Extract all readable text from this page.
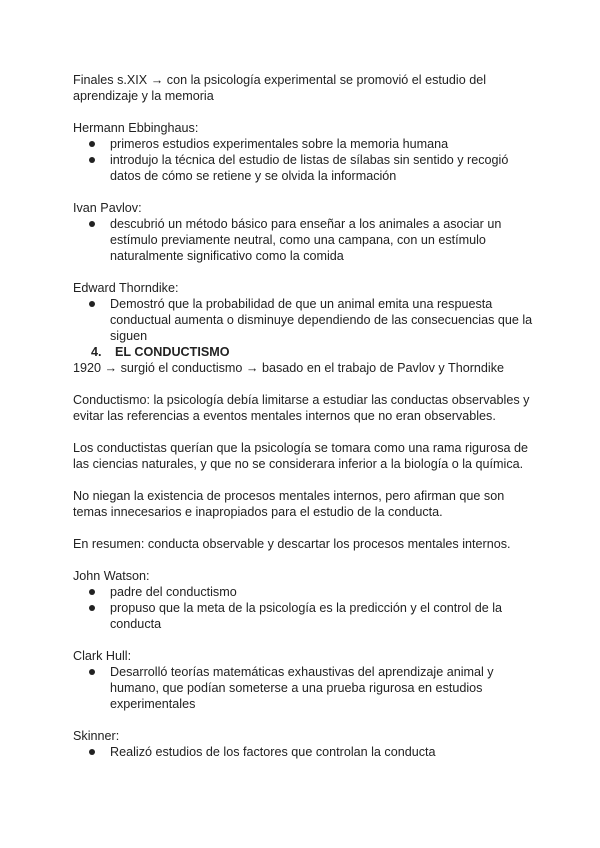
Finales s.XIX → con la psicología experimental se promovió el estudio del aprendizaje y la memoria

Hermann Ebbinghaus:

primeros estudios experimentales sobre la memoria humana
introdujo la técnica del estudio de listas de sílabas sin sentido y recogió datos de cómo se retiene y se olvida la información

Ivan Pavlov:

descubrió un método básico para enseñar a los animales a asociar un estímulo previamente neutral, como una campana, con un estímulo naturalmente significativo como la comida

Edward Thorndike:

Demostró que la probabilidad de que un animal emita una respuesta conductual aumenta o disminuye dependiendo de las consecuencias que la siguen

4. EL CONDUCTISMO

1920 → surgió el conductismo → basado en el trabajo de Pavlov y Thorndike

Conductismo: la psicología debía limitarse a estudiar las conductas observables y evitar las referencias a eventos mentales internos que no eran observables.

Los conductistas querían que la psicología se tomara como una rama rigurosa de las ciencias naturales, y que no se considerara inferior a la biología o la química.

No niegan la existencia de procesos mentales internos, pero afirman que son temas innecesarios e inapropiados para el estudio de la conducta.

En resumen: conducta observable y descartar los procesos mentales internos.

John Watson:

padre del conductismo
propuso que la meta de la psicología es la predicción y el control de la conducta

Clark Hull:

Desarrolló teorías matemáticas exhaustivas del aprendizaje animal y humano, que podían someterse a una prueba rigurosa en estudios experimentales

Skinner:

Realizó estudios de los factores que controlan la conducta
